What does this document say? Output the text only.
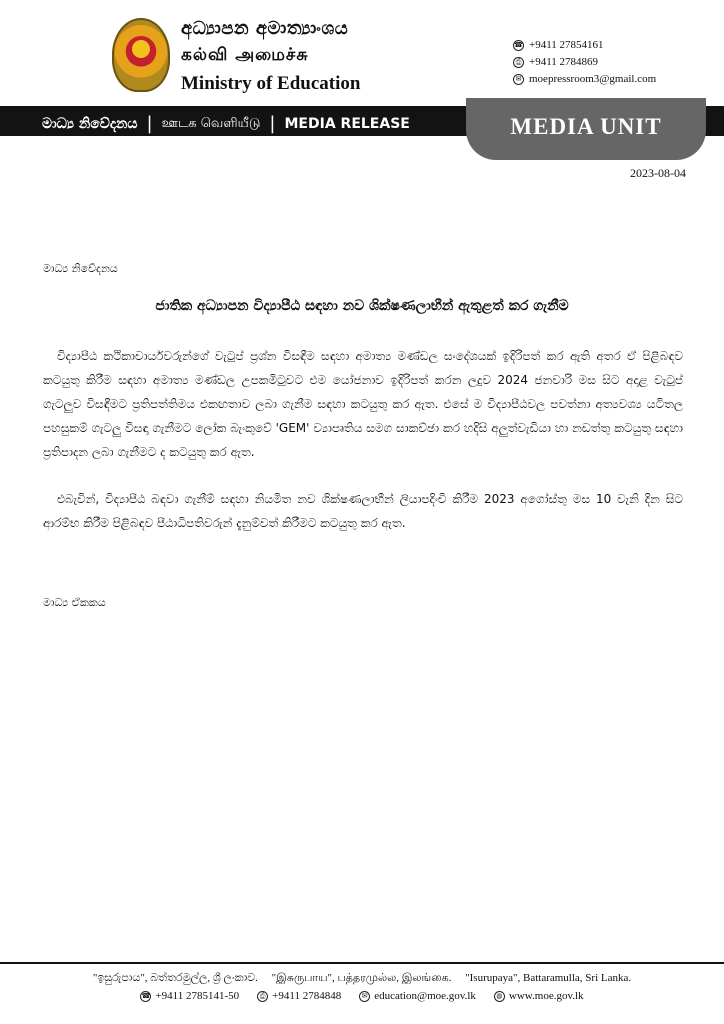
අධ්‍යාපන අමාත්‍යාංශය
கல்வி அமைச்சு
Ministry of Education
☎ +9411 27854161
⎙ +9411 2784869
✉ moepressroom3@gmail.com
මාධ්‍ය නිවේදනය | ஊடக வெளியீடு | MEDIA RELEASE	MEDIA UNIT
2023-08-04
මාධ්‍ය නිවේදනය
ජාතික අධ්‍යාපන විද්‍යාපීඨ සඳහා නව ශික්ෂණලාභීන් ඇතුළත් කර ගැනීම
විද්‍යාපීඨ කථිකාචාර්යවරුන්ගේ වැටුප් ප්‍රශ්න විසඳීම සඳහා අමාත්‍ය මණ්ඩල සංදේශයක් ඉදිරිපත් කර ඇති අතර ඒ පිළිබඳව කටයුතු කිරීම සඳහා අමාත්‍ය මණ්ඩල උපකමිටුවට එම යෝජනාව ඉදිරිපත් කරන ලදුව 2024 ජනවාරි මස සිට අදාළ වැටුප් ගැටලුව විසඳීමට ප්‍රතිපත්තිමය එකඟතාව ලබා ගැනීම සඳහා කටයුතු කර ඇත. එසේ ම විද්‍යාපීඨවල පවත්නා අත්‍යවශ්‍ය යටිතල පහසුකම් ගැටලු විසඳා ගැනීමට ලෝක බැංකුවේ 'GEM' ව්‍යාපෘතිය සමග සාකච්ඡා කර හදිසි අලුත්වැඩියා හා නඩත්තු කටයුතු සඳහා ප්‍රතිපාදන ලබා ගැනීමට ද කටයුතු කර ඇත.
එබැවින්, විද්‍යාපීඨ බඳවා ගැනීම් සඳහා නියමිත නව ශික්ෂණලාභීන් ලියාපදිංචි කිරීම 2023 අගෝස්තු මස 10 වැනි දින සිට ආරම්භ කිරීම පිළිබඳව පීඨාධිපතිවරුන් දැනුම්වත් කිරීමට කටයුතු කර ඇත.
මාධ්‍ය ඒකකය
"ඉසුරුපාය", බත්තරමුල්ල, ශ්‍රී ලංකාව.     "இசுருபாய", பத்தரமுல்ல, இலங்கை.     "Isurupaya", Battaramulla, Sri Lanka.
☎ +9411 2785141-50	⎙ +9411 2784848	✉ education@moe.gov.lk	◍ www.moe.gov.lk
